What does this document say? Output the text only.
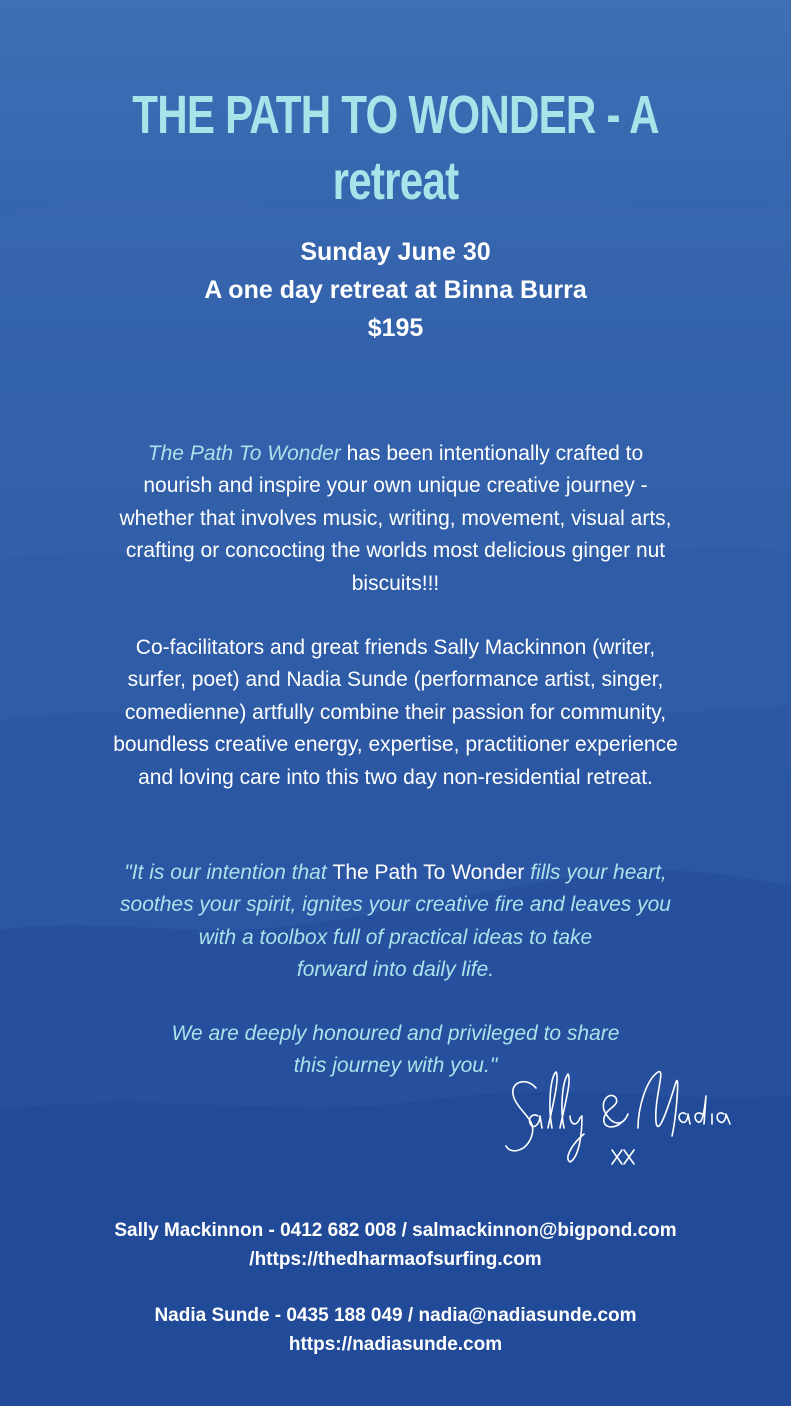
THE PATH TO WONDER - A retreat
Sunday June 30
A one day retreat at Binna Burra
$195
The Path To Wonder has been intentionally crafted to
nourish and inspire your own unique creative journey -
whether that involves music, writing, movement, visual arts,
crafting or concocting the worlds most delicious ginger nut
biscuits!!!
Co-facilitators and great friends Sally Mackinnon (writer,
surfer, poet) and Nadia Sunde (performance artist, singer,
comedienne) artfully combine their passion for community,
boundless creative energy, expertise, practitioner experience
and loving care into this two day non-residential retreat.
"It is our intention that The Path To Wonder fills your heart,
soothes your spirit, ignites your creative fire and leaves you
with a toolbox full of practical ideas to take
forward into daily life.
We are deeply honoured and privileged to share
this journey with you."
Sally Mackinnon - 0412 682 008 / salmackinnon@bigpond.com
/https://thedharmaofsurfing.com
Nadia Sunde - 0435 188 049 / nadia@nadiasunde.com
https://nadiasunde.com
